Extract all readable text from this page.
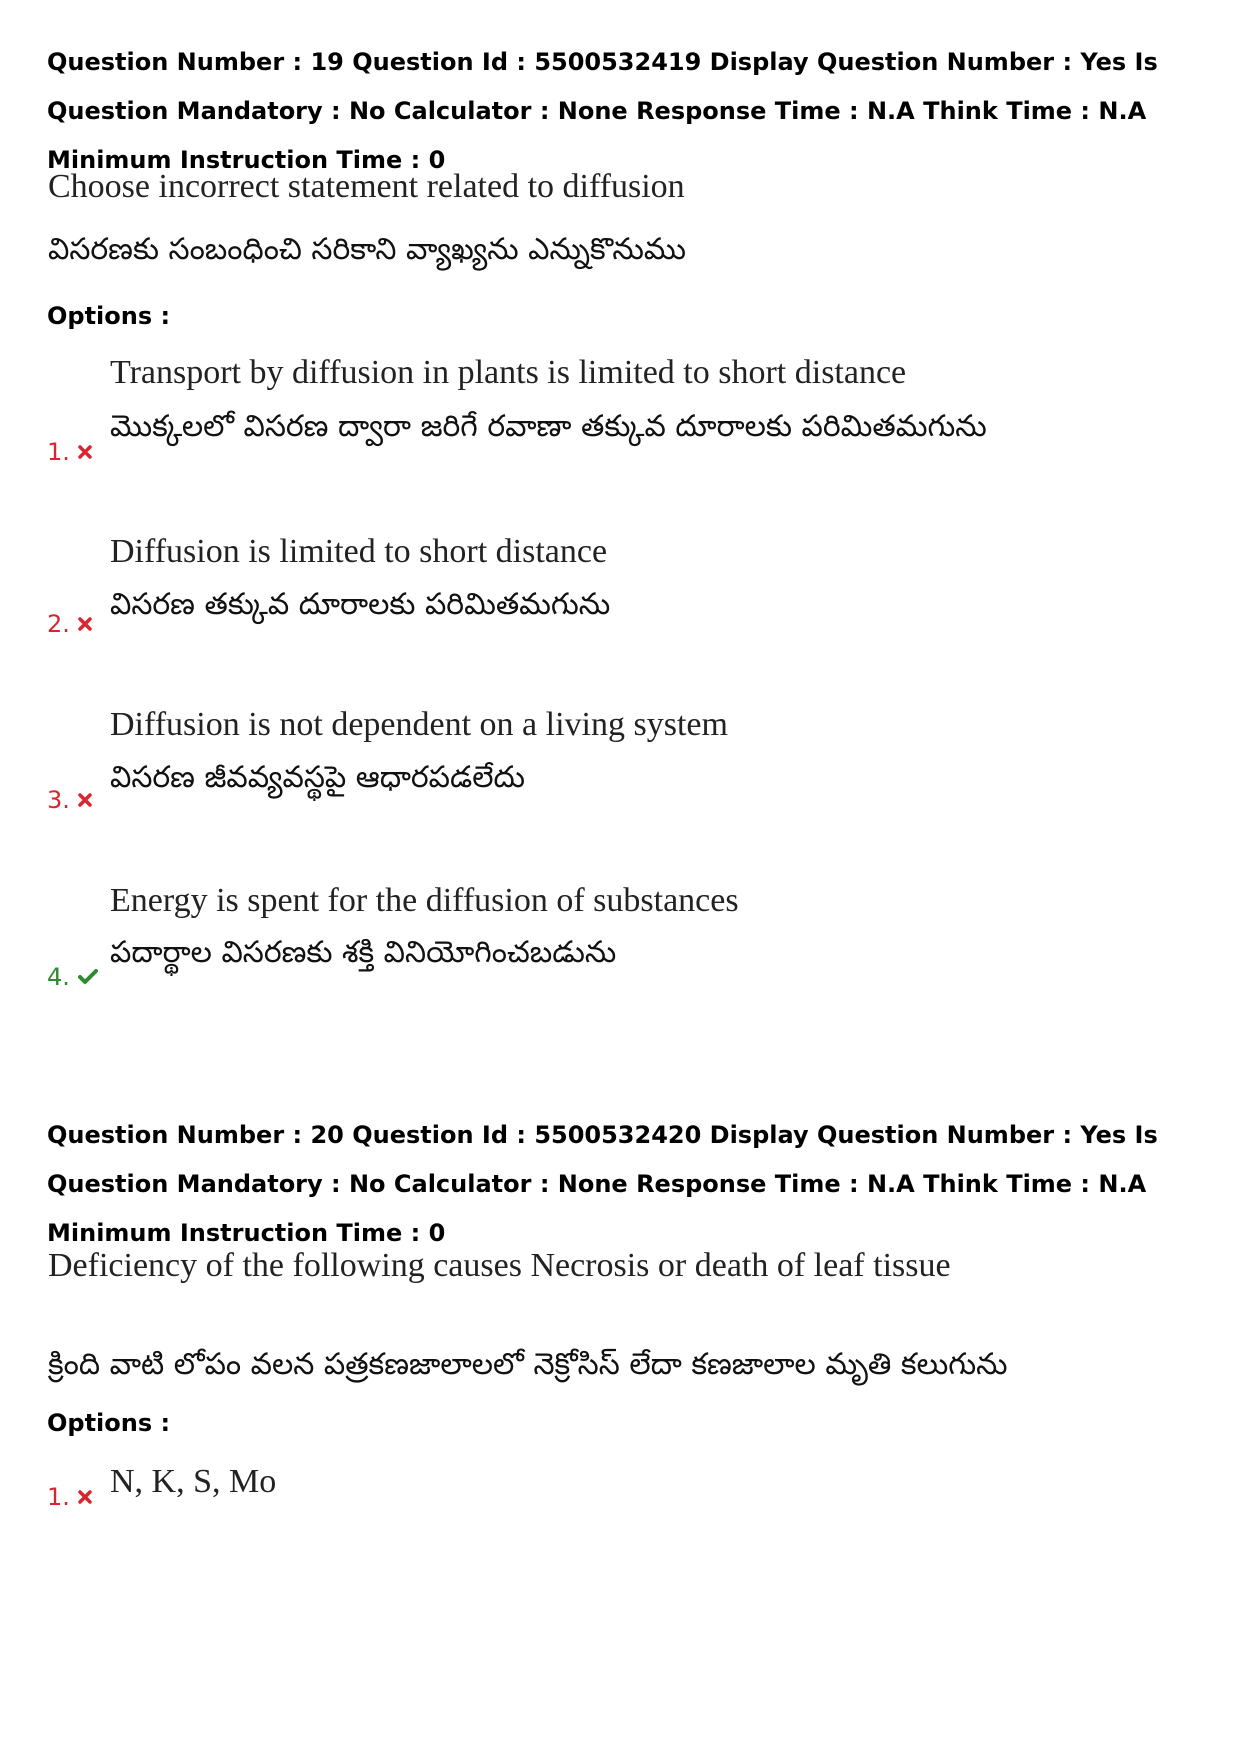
Question Number : 19 Question Id : 5500532419 Display Question Number : Yes Is Question Mandatory : No Calculator : None Response Time : N.A Think Time : N.A Minimum Instruction Time : 0
Choose incorrect statement related to diffusion
విసరణకు సంబంధించి సరికాని వ్యాఖ్యను ఎన్నుకొనుము
Options :
Transport by diffusion in plants is limited to short distance
మొక్కలలో విసరణ ద్వారా జరిగే రవాణా తక్కువ దూరాలకు పరిమితమగును
1.
Diffusion is limited to short distance
విసరణ తక్కువ దూరాలకు పరిమితమగును
2.
Diffusion is not dependent on a living system
విసరణ జీవవ్యవస్థపై ఆధారపడలేదు
3.
Energy is spent for the diffusion of substances
పదార్థాల విసరణకు శక్తి వినియోగించబడును
4.
Question Number : 20 Question Id : 5500532420 Display Question Number : Yes Is Question Mandatory : No Calculator : None Response Time : N.A Think Time : N.A Minimum Instruction Time : 0
Deficiency of the following causes Necrosis or death of leaf tissue
క్రింది వాటి లోపం వలన పత్రకణజాలాలలో నెక్రోసిస్ లేదా కణజాలాల మృతి కలుగును
Options :
N, K, S, Mo
1.
